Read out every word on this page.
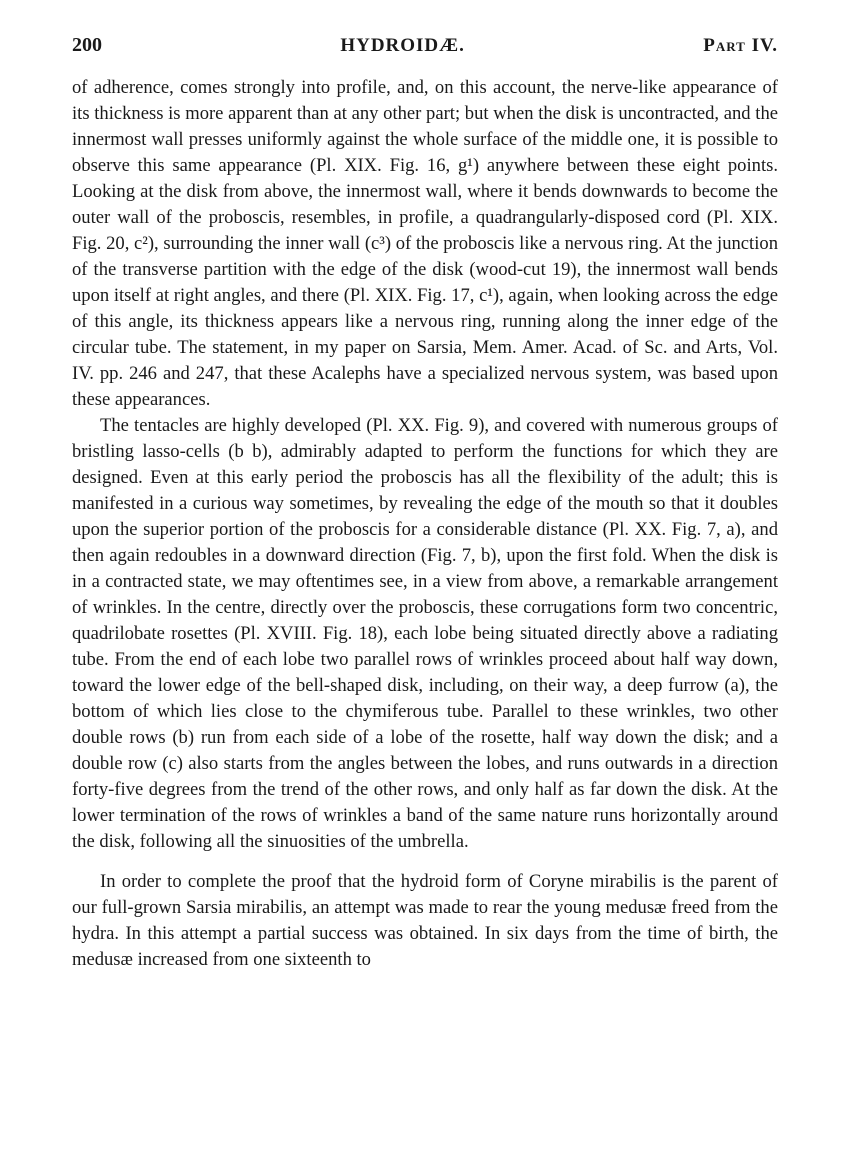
200	HYDROIDÆ.	Part IV.

of adherence, comes strongly into profile, and, on this account, the nerve-like appearance of its thickness is more apparent than at any other part; but when the disk is uncontracted, and the innermost wall presses uniformly against the whole surface of the middle one, it is possible to observe this same appearance (Pl. XIX. Fig. 16, g¹) anywhere between these eight points. Looking at the disk from above, the innermost wall, where it bends downwards to become the outer wall of the proboscis, resembles, in profile, a quadrangularly-disposed cord (Pl. XIX. Fig. 20, c²), surrounding the inner wall (c³) of the proboscis like a nervous ring. At the junction of the transverse partition with the edge of the disk (wood-cut 19), the innermost wall bends upon itself at right angles, and there (Pl. XIX. Fig. 17, c¹), again, when looking across the edge of this angle, its thickness appears like a nervous ring, running along the inner edge of the circular tube. The statement, in my paper on Sarsia, Mem. Amer. Acad. of Sc. and Arts, Vol. IV. pp. 246 and 247, that these Acalephs have a specialized nervous system, was based upon these appearances.

The tentacles are highly developed (Pl. XX. Fig. 9), and covered with numerous groups of bristling lasso-cells (b b), admirably adapted to perform the functions for which they are designed. Even at this early period the proboscis has all the flexibility of the adult; this is manifested in a curious way sometimes, by revealing the edge of the mouth so that it doubles upon the superior portion of the proboscis for a considerable distance (Pl. XX. Fig. 7, a), and then again redoubles in a downward direction (Fig. 7, b), upon the first fold. When the disk is in a contracted state, we may oftentimes see, in a view from above, a remarkable arrangement of wrinkles. In the centre, directly over the proboscis, these corrugations form two concentric, quadrilobate rosettes (Pl. XVIII. Fig. 18), each lobe being situated directly above a radiating tube. From the end of each lobe two parallel rows of wrinkles proceed about half way down, toward the lower edge of the bell-shaped disk, including, on their way, a deep furrow (a), the bottom of which lies close to the chymiferous tube. Parallel to these wrinkles, two other double rows (b) run from each side of a lobe of the rosette, half way down the disk; and a double row (c) also starts from the angles between the lobes, and runs outwards in a direction forty-five degrees from the trend of the other rows, and only half as far down the disk. At the lower termination of the rows of wrinkles a band of the same nature runs horizontally around the disk, following all the sinuosities of the umbrella.

In order to complete the proof that the hydroid form of Coryne mirabilis is the parent of our full-grown Sarsia mirabilis, an attempt was made to rear the young medusæ freed from the hydra. In this attempt a partial success was obtained. In six days from the time of birth, the medusæ increased from one sixteenth to
